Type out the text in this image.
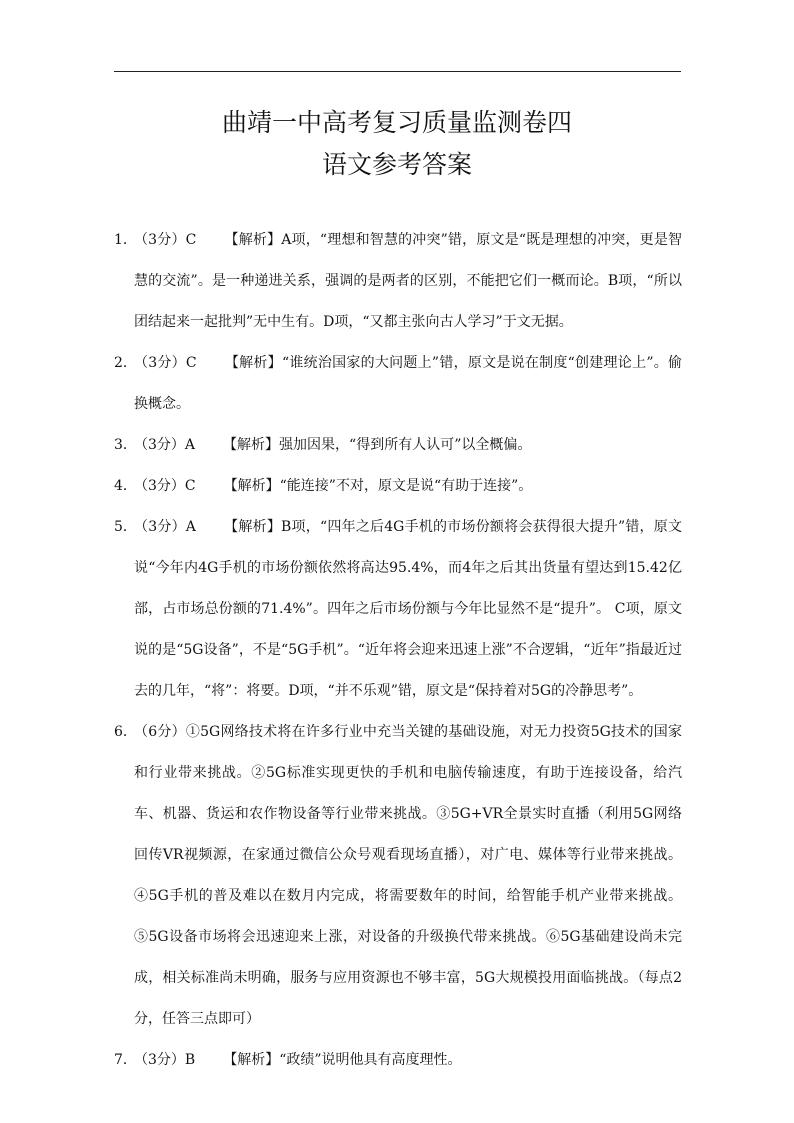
曲靖一中高考复习质量监测卷四
语文参考答案
1．
（3分）C 【解析】A项，“理想和智慧的冲突”错，原文是“既是理想的冲突，更是智慧的交流”。是一种递进关系，强调的是两者的区别，不能把它们一概而论。B项，“所以团结起来一起批判”无中生有。D项，“又都主张向古人学习”于文无据。
2．
（3分）C 【解析】“谁统治国家的大问题上”错，原文是说在制度“创建理论上”。偷换概念。
3．
（3分）A 【解析】强加因果，“得到所有人认可”以全概偏。
4．
（3分）C 【解析】“能连接”不对，原文是说“有助于连接”。
5．
（3分）A 【解析】B项，“四年之后4G手机的市场份额将会获得很大提升”错，原文说“今年内4G手机的市场份额依然将高达95.4%，而4年之后其出货量有望达到15.42亿部，占市场总份额的71.4%”。四年之后市场份额与今年比显然不是“提升”。 C项，原文说的是“5G设备”，不是“5G手机”。“近年将会迎来迅速上涨”不合逻辑，“近年”指最近过去的几年，“将”：将要。D项，“并不乐观”错，原文是“保持着对5G的冷静思考”。
6．
（6分）①5G网络技术将在许多行业中充当关键的基础设施，对无力投资5G技术的国家和行业带来挑战。②5G标准实现更快的手机和电脑传输速度，有助于连接设备，给汽车、机器、货运和农作物设备等行业带来挑战。③5G+VR全景实时直播（利用5G网络回传VR视频源，在家通过微信公众号观看现场直播），对广电、媒体等行业带来挑战。④5G手机的普及难以在数月内完成，将需要数年的时间，给智能手机产业带来挑战。⑤5G设备市场将会迅速迎来上涨，对设备的升级换代带来挑战。⑥5G基础建设尚未完成，相关标准尚未明确，服务与应用资源也不够丰富，5G大规模投用面临挑战。（每点2分，任答三点即可）
7．
（3分）B 【解析】“政绩”说明他具有高度理性。
